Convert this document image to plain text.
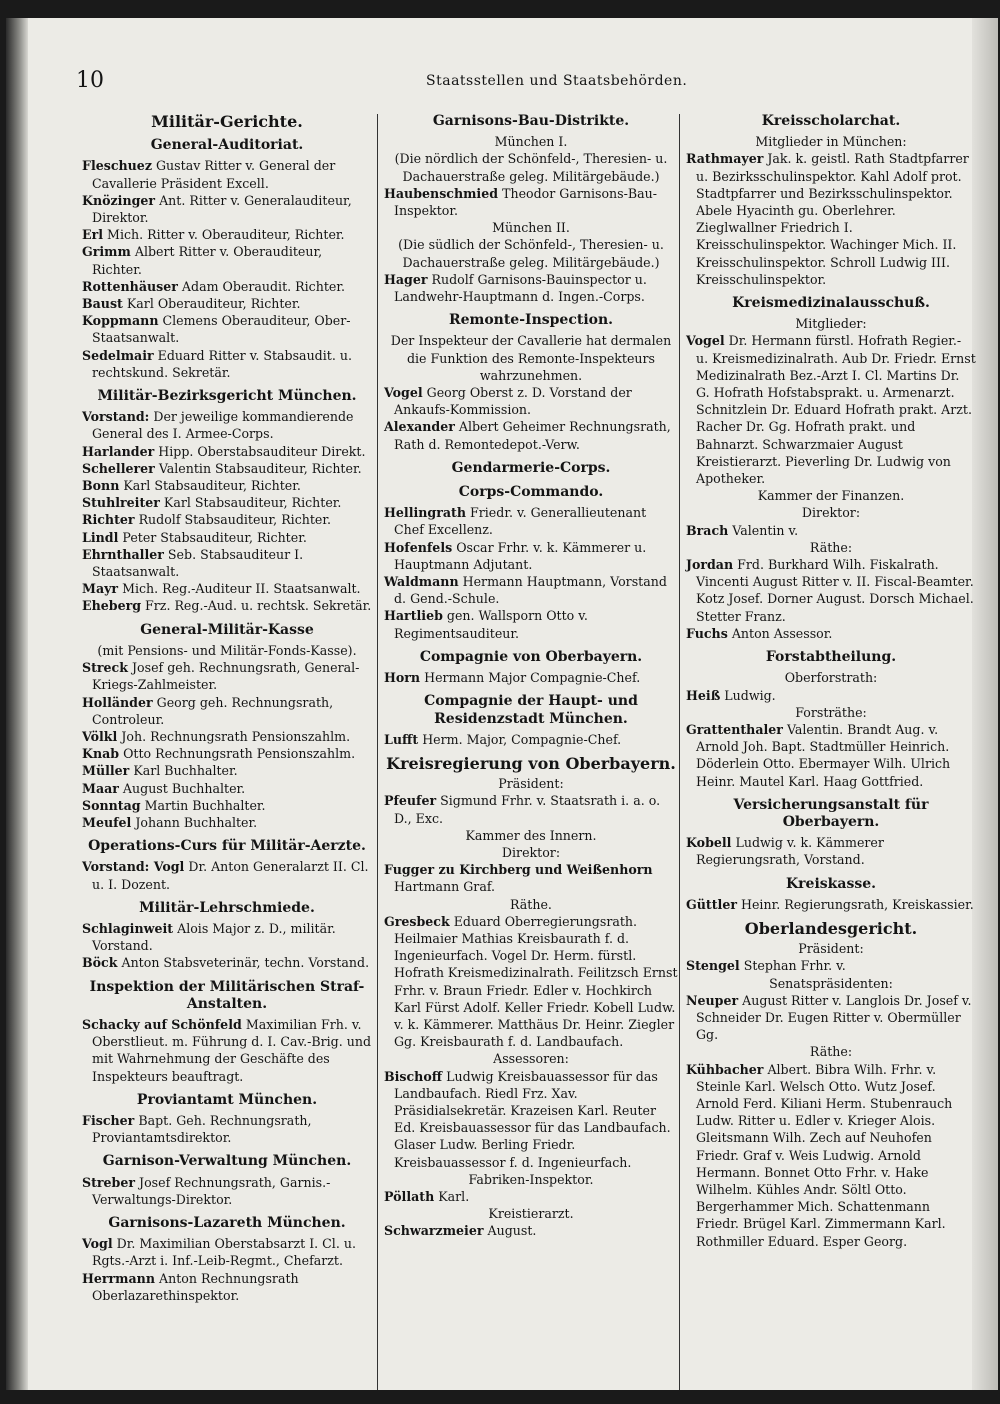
10	Staatsstellen und Staatsbehörden.
Militär-Gerichte.
General-Auditoriat.
Fleschuez Gustav Ritter v. General der Cavallerie Präsident Excell.
Knözinger Ant. Ritter v. Generalauditeur, Direktor.
Erl Mich. Ritter v. Oberauditeur, Richter.
Grimm Albert Ritter v. Oberauditeur, Richter.
Rottenhäuser Adam Oberaudit. Richter.
Baust Karl Oberauditeur, Richter.
Koppmann Clemens Oberauditeur, Ober-Staatsanwalt.
Sedelmair Eduard Ritter v. Stabsaudit. u. rechtskund. Sekretär.
Militär-Bezirksgericht München.
Vorstand: Der jeweilige kommandierende General des I. Armee-Corps.
Harlander Hipp. Oberstabsauditeur Direkt.
Schellerer Valentin Stabsauditeur, Richter.
Bonn Karl Stabsauditeur, Richter.
Stuhlreiter Karl Stabsauditeur, Richter.
Richter Rudolf Stabsauditeur, Richter.
Lindl Peter Stabsauditeur, Richter.
Ehrnthaller Seb. Stabsauditeur I. Staatsanwalt.
Mayr Mich. Reg.-Auditeur II. Staatsanwalt.
Eheberg Frz. Reg.-Aud. u. rechtsk. Sekretär.
General-Militär-Kasse
(mit Pensions- und Militär-Fonds-Kasse).
Streck Josef geh. Rechnungsrath, General-Kriegs-Zahlmeister.
Holländer Georg geh. Rechnungsrath, Controleur.
Völkl Joh. Rechnungsrath Pensionszahlm.
Knab Otto Rechnungsrath Pensionszahlm.
Müller Karl Buchhalter.
Maar August Buchhalter.
Sonntag Martin Buchhalter.
Meufel Johann Buchhalter.
Operations-Curs für Militär-Aerzte.
Vorstand: Vogl Dr. Anton Generalarzt II. Cl. u. I. Dozent.
Militär-Lehrschmiede.
Schlaginweit Alois Major z. D., militär. Vorstand.
Böck Anton Stabsveterinär, techn. Vorstand.
Inspektion der Militärischen Straf-Anstalten.
Schacky auf Schönfeld Maximilian Frh. v. Oberstlieut. m. Führung d. I. Cav.-Brig. und mit Wahrnehmung der Geschäfte des Inspekteurs beauftragt.
Proviantamt München.
Fischer Bapt. Geh. Rechnungsrath, Proviantamtsdirektor.
Garnison-Verwaltung München.
Streber Josef Rechnungsrath, Garnis.-Verwaltungs-Direktor.
Garnisons-Lazareth München.
Vogl Dr. Maximilian Oberstabsarzt I. Cl. u. Rgts.-Arzt i. Inf.-Leib-Regmt., Chefarzt.
Herrmann Anton Rechnungsrath Oberlazarethinspektor.
Garnisons-Bau-Distrikte.
München I.
(Die nördlich der Schönfeld-, Theresien- u. Dachauerstraße geleg. Militärgebäude.)
Haubenschmied Theodor Garnisons-Bau-Inspektor.
München II.
(Die südlich der Schönfeld-, Theresien- u. Dachauerstraße geleg. Militärgebäude.)
Hager Rudolf Garnisons-Bauinspector u. Landwehr-Hauptmann d. Ingen.-Corps.
Remonte-Inspection.
Der Inspekteur der Cavallerie hat dermalen die Funktion des Remonte-Inspekteurs wahrzunehmen.
Vogel Georg Oberst z. D. Vorstand der Ankaufs-Kommission.
Alexander Albert Geheimer Rechnungsrath, Rath d. Remontedepot.-Verw.
Gendarmerie-Corps.
Corps-Commando.
Hellingrath Friedr. v. Generallieutenant Chef Excellenz.
Hofenfels Oscar Frhr. v. k. Kämmerer u. Hauptmann Adjutant.
Waldmann Hermann Hauptmann, Vorstand d. Gend.-Schule.
Hartlieb gen. Wallsporn Otto v. Regimentsauditeur.
Compagnie von Oberbayern.
Horn Hermann Major Compagnie-Chef.
Compagnie der Haupt- und Residenzstadt München.
Lufft Herm. Major, Compagnie-Chef.
Kreisregierung von Oberbayern.
Präsident:
Pfeufer Sigmund Frhr. v. Staatsrath i. a. o. D., Exc.
Kammer des Innern.
Direktor:
Fugger zu Kirchberg und Weißenhorn Hartmann Graf.
Räthe.
Gresbeck Eduard Oberregierungsrath. Heilmaier Mathias Kreisbaurath f. d. Ingenieurfach. Vogel Dr. Herm. fürstl. Hofrath Kreismedizinalrath. Feilitzsch Ernst Frhr. v. Braun Friedr. Edler v. Hochkirch Karl Fürst Adolf. Keller Friedr. Kobell Ludw. v. k. Kämmerer. Matthäus Dr. Heinr. Ziegler Gg. Kreisbaurath f. d. Landbaufach.
Assessoren:
Bischoff Ludwig Kreisbauassessor für das Landbaufach. Riedl Frz. Xav. Präsidialsekretär. Krazeisen Karl. Reuter Ed. Kreisbauassessor für das Landbaufach. Glaser Ludw. Berling Friedr. Kreisbauassessor f. d. Ingenieurfach.
Fabriken-Inspektor.
Pöllath Karl.
Kreistierarzt.
Schwarzmeier August.
Kreisscholarchat.
Mitglieder in München:
Rathmayer Jak. k. geistl. Rath Stadtpfarrer u. Bezirksschulinspektor. Kahl Adolf prot. Stadtpfarrer und Bezirksschulinspektor. Abele Hyacinth gu. Oberlehrer. Zieglwallner Friedrich I. Kreisschulinspektor. Wachinger Mich. II. Kreisschulinspektor. Schroll Ludwig III. Kreisschulinspektor.
Kreismedizinalausschuß.
Mitglieder:
Vogel Dr. Hermann fürstl. Hofrath Regier.- u. Kreismedizinalrath. Aub Dr. Friedr. Ernst Medizinalrath Bez.-Arzt I. Cl. Martins Dr. G. Hofrath Hofstabsprakt. u. Armenarzt. Schnitzlein Dr. Eduard Hofrath prakt. Arzt. Racher Dr. Gg. Hofrath prakt. und Bahnarzt. Schwarzmaier August Kreistierarzt. Pieverling Dr. Ludwig von Apotheker.
Kammer der Finanzen.
Direktor:
Brach Valentin v.
Räthe:
Jordan Frd. Burkhard Wilh. Fiskalrath. Vincenti August Ritter v. II. Fiscal-Beamter. Kotz Josef. Dorner August. Dorsch Michael. Stetter Franz.
Fuchs Anton Assessor.
Forstabtheilung.
Oberforstrath:
Heiß Ludwig.
Forsträthe:
Grattenthaler Valentin. Brandt Aug. v. Arnold Joh. Bapt. Stadtmüller Heinrich. Döderlein Otto. Ebermayer Wilh. Ulrich Heinr. Mautel Karl. Haag Gottfried.
Versicherungsanstalt für Oberbayern.
Kobell Ludwig v. k. Kämmerer Regierungsrath, Vorstand.
Kreiskasse.
Güttler Heinr. Regierungsrath, Kreiskassier.
Oberlandesgericht.
Präsident:
Stengel Stephan Frhr. v.
Senatspräsidenten:
Neuper August Ritter v. Langlois Dr. Josef v. Schneider Dr. Eugen Ritter v. Obermüller Gg.
Räthe:
Kühbacher Albert. Bibra Wilh. Frhr. v. Steinle Karl. Welsch Otto. Wutz Josef. Arnold Ferd. Kiliani Herm. Stubenrauch Ludw. Ritter u. Edler v. Krieger Alois. Gleitsmann Wilh. Zech auf Neuhofen Friedr. Graf v. Weis Ludwig. Arnold Hermann. Bonnet Otto Frhr. v. Hake Wilhelm. Kühles Andr. Söltl Otto. Bergerhammer Mich. Schattenmann Friedr. Brügel Karl. Zimmermann Karl. Rothmiller Eduard. Esper Georg.
